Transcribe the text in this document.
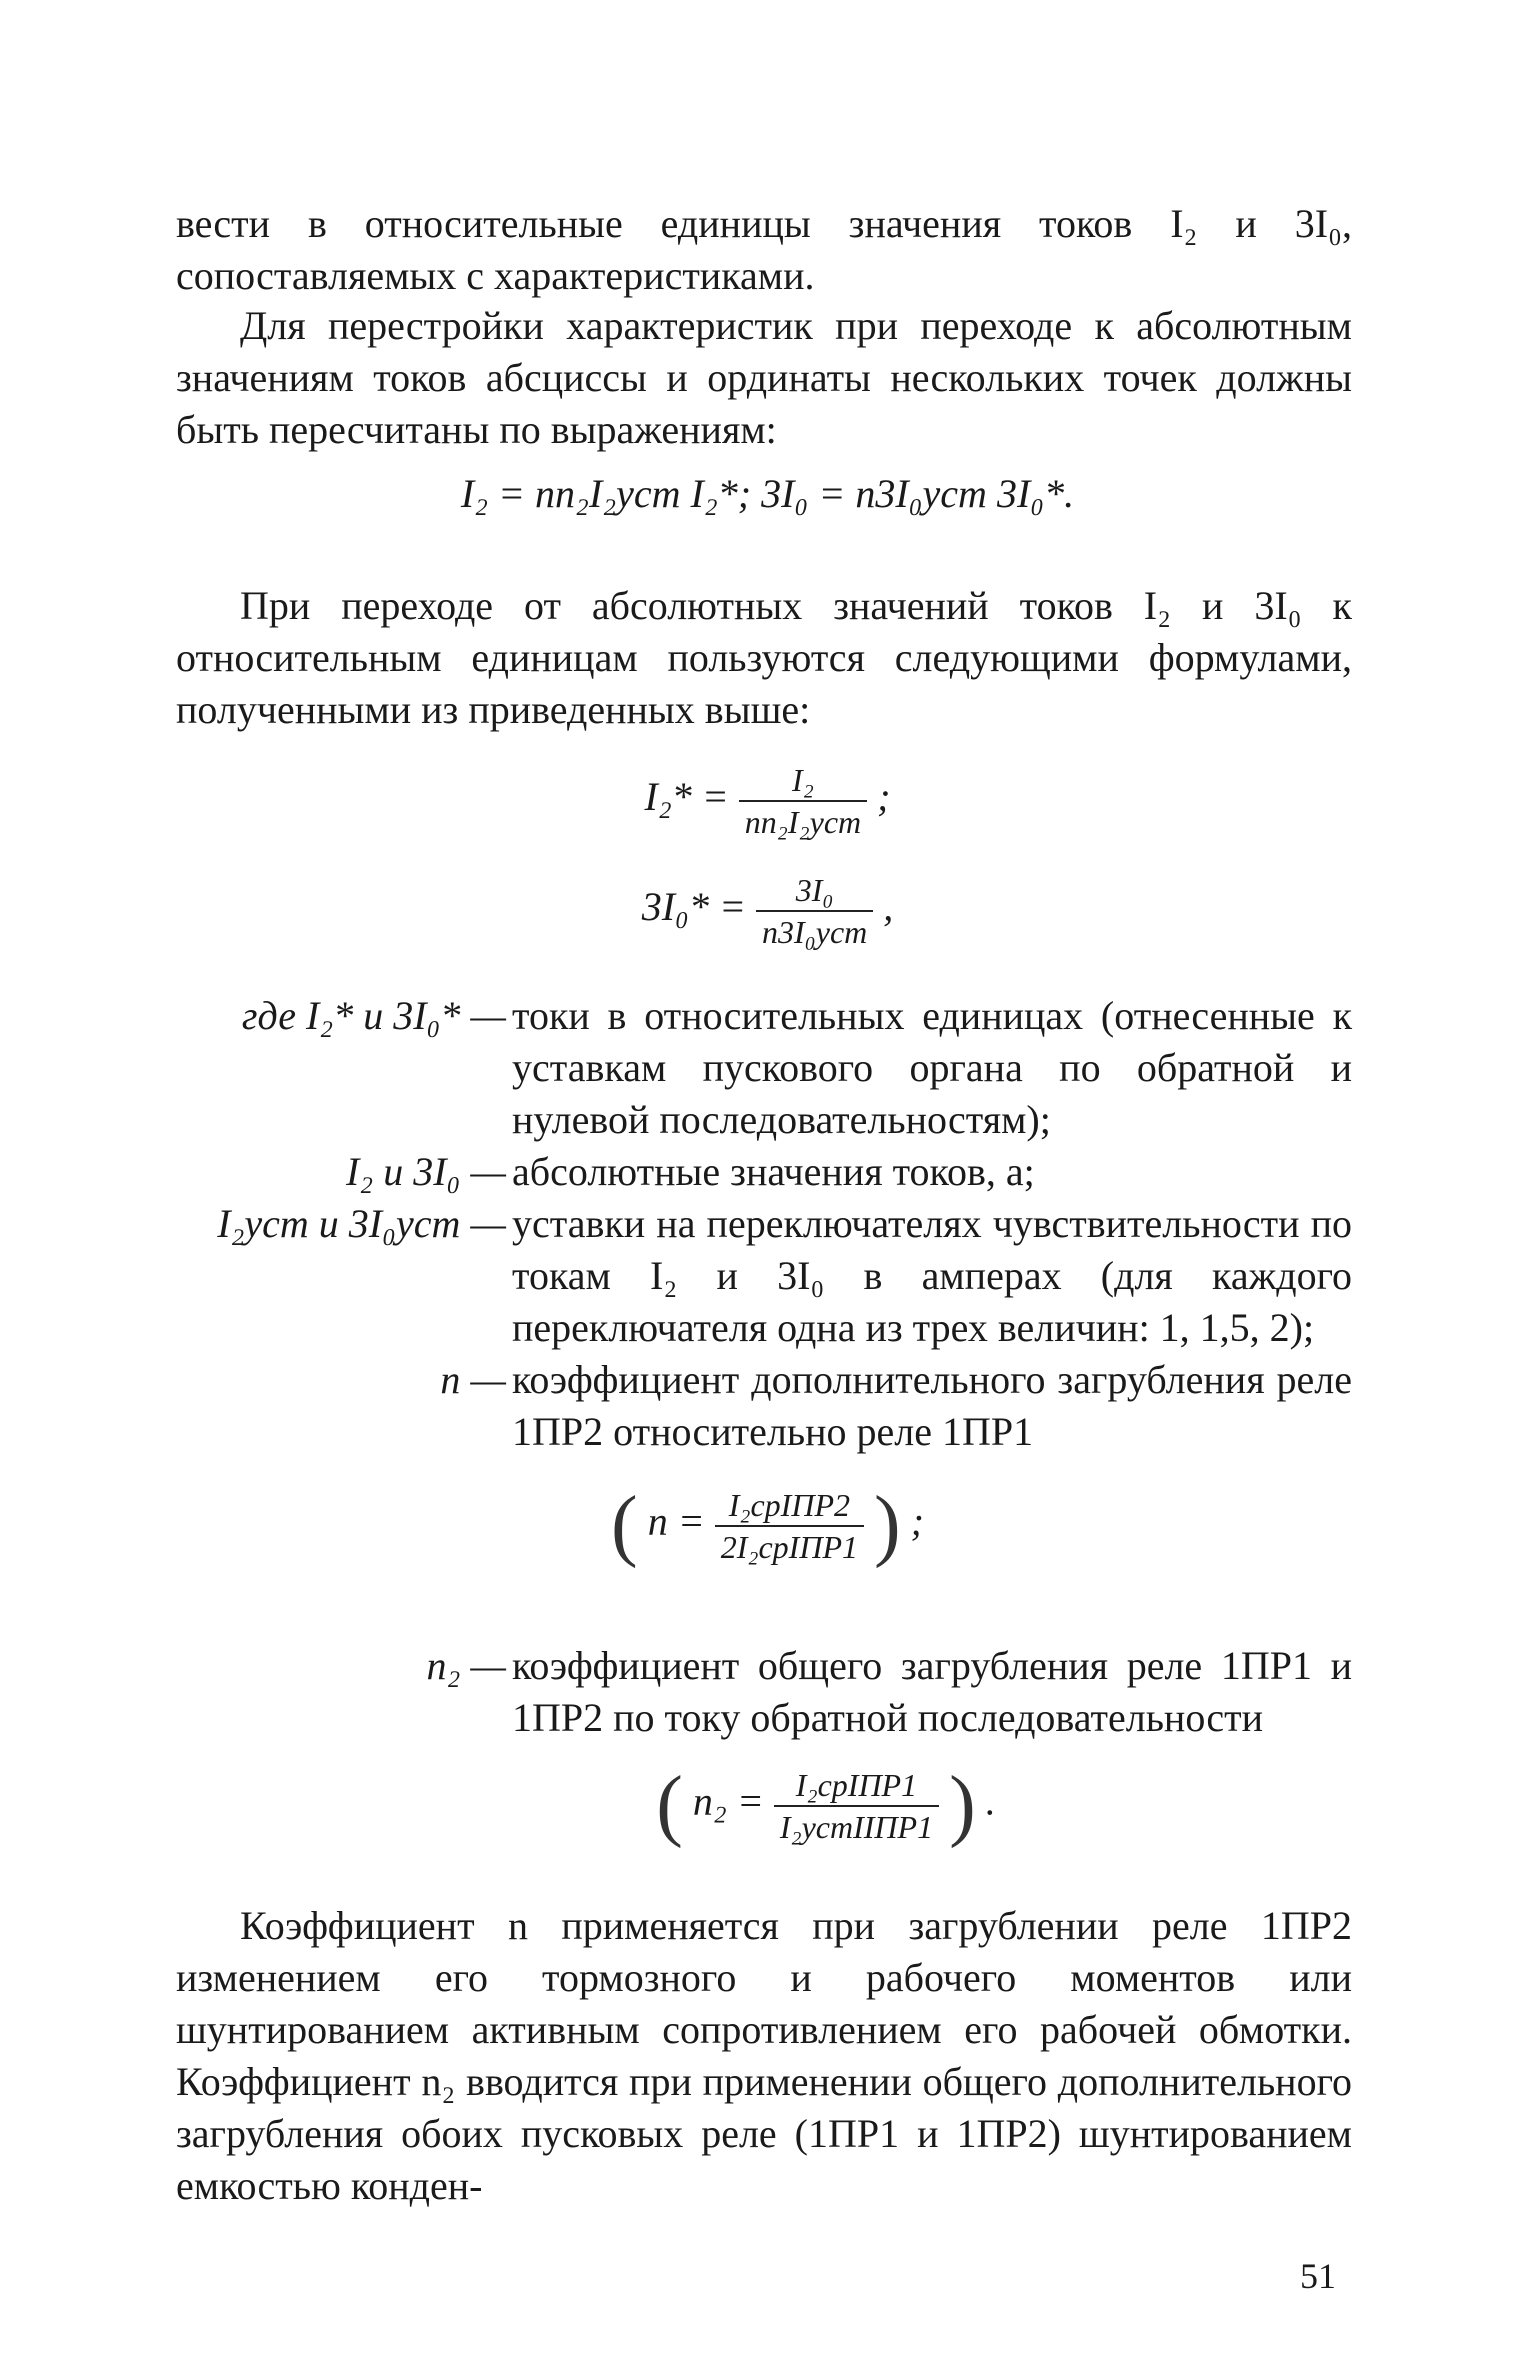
вести в относительные единицы значения токов I₂ и 3I₀, сопоставляемых с характеристиками.

Для перестройки характеристик при переходе к абсолютным значениям токов абсциссы и ординаты нескольких точек должны быть пересчитаны по выражениям:

I₂ = nn₂I₂уст I₂*; 3I₀ = n3I₀уст 3I₀*.

При переходе от абсолютных значений токов I₂ и 3I₀ к относительным единицам пользуются следующими формулами, полученными из приведенных выше:

$I_2* = \frac{\text{I₂}}{\text{nn₂I₂уст}}$ ;
$3I_0* = \frac{\text{3I₀}}{\text{n3I₀уст}}$ ,
где I₂* и 3I₀* — токи в относительных единицах (отнесенные к уставкам пускового органа по обратной и нулевой последовательностям);
I₂ и 3I₀ — абсолютные значения токов, а;
I₂уст и 3I₀уст — уставки на переключателях чувствительности по токам I₂ и 3I₀ в амперах (для каждого переключателя одна из трех величин: 1, 1,5, 2);
n — коэффициент дополнительного загрубления реле 1ПР2 относительно реле 1ПР1
( $n = \frac{\text{I₂срIПР2}}{\text{2I₂срIПР1}}$ ) ;
n₂ — коэффициент общего загрубления реле 1ПР1 и 1ПР2 по току обратной последовательности
( $n_2 = \frac{\text{I₂срIПР1}}{\text{I₂устIIПР1}}$ ) .

Коэффициент n применяется при загрублении реле 1ПР2 изменением его тормозного и рабочего моментов или шунтированием активным сопротивлением его рабочей обмотки. Коэффициент n₂ вводится при применении общего дополнительного загрубления обоих пусковых реле (1ПР1 и 1ПР2) шунтированием емкостью конден-

51
